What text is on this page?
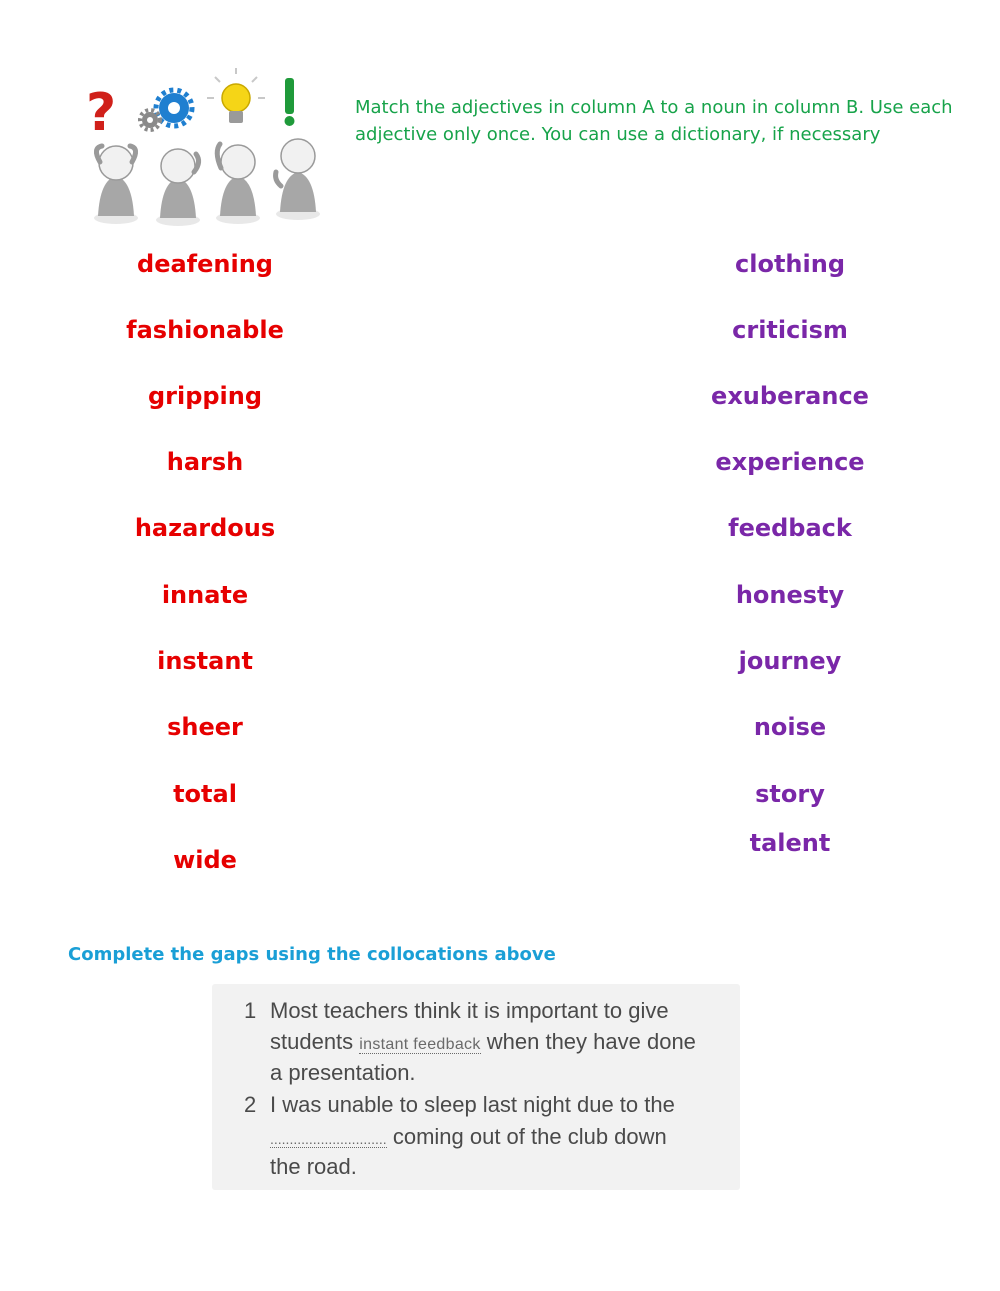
?	Match the adjectives in column A to a noun in column B. Use each adjective only once. You can use a dictionary, if necessary
deafening
fashionable
gripping
harsh
hazardous
innate
instant
sheer
total
wide
clothing
criticism
exuberance
experience
feedback
honesty
journey
noise
story
talent
Complete the gaps using the collocations above
1 Most teachers think it is important to give
students instant feedback when they have done
a presentation.
2 I was unable to sleep last night due to the
.............................. coming out of the club down
the road.
